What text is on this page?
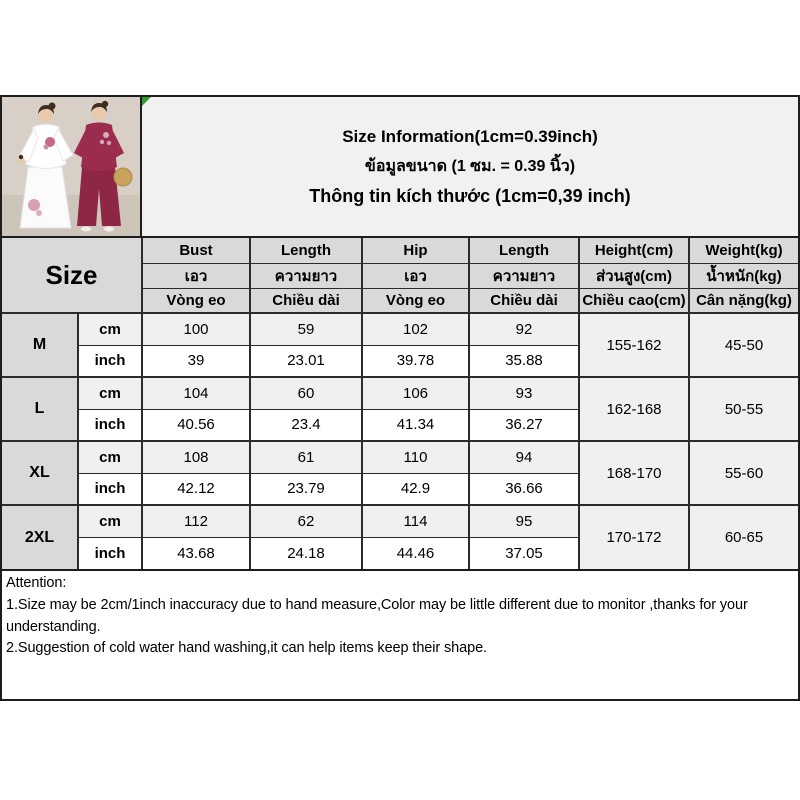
Size Information(1cm=0.39inch)
ข้อมูลขนาด (1 ซม. = 0.39 นิ้ว)
Thông tin kích thước (1cm=0,39 inch)
Size		Bust	Length	Hip	Length	Height(cm)	Weight(kg)
		เอว	ความยาว	เอว	ความยาว	ส่วนสูง(cm)	น้ำหนัก(kg)
		Vòng eo	Chiều dài	Vòng eo	Chiều dài	Chiều cao(cm)	Cân nặng(kg)
M	cm	100	59	102	92	155-162	45-50
	inch	39	23.01	39.78	35.88		
L	cm	104	60	106	93	162-168	50-55
	inch	40.56	23.4	41.34	36.27		
XL	cm	108	61	110	94	168-170	55-60
	inch	42.12	23.79	42.9	36.66		
2XL	cm	112	62	114	95	170-172	60-65
	inch	43.68	24.18	44.46	37.05		
Attention:
1.Size may be 2cm/1inch inaccuracy due to hand measure,Color may be little different due to monitor ,thanks for your understanding.
2.Suggestion of cold water hand washing,it can help items keep their shape.
